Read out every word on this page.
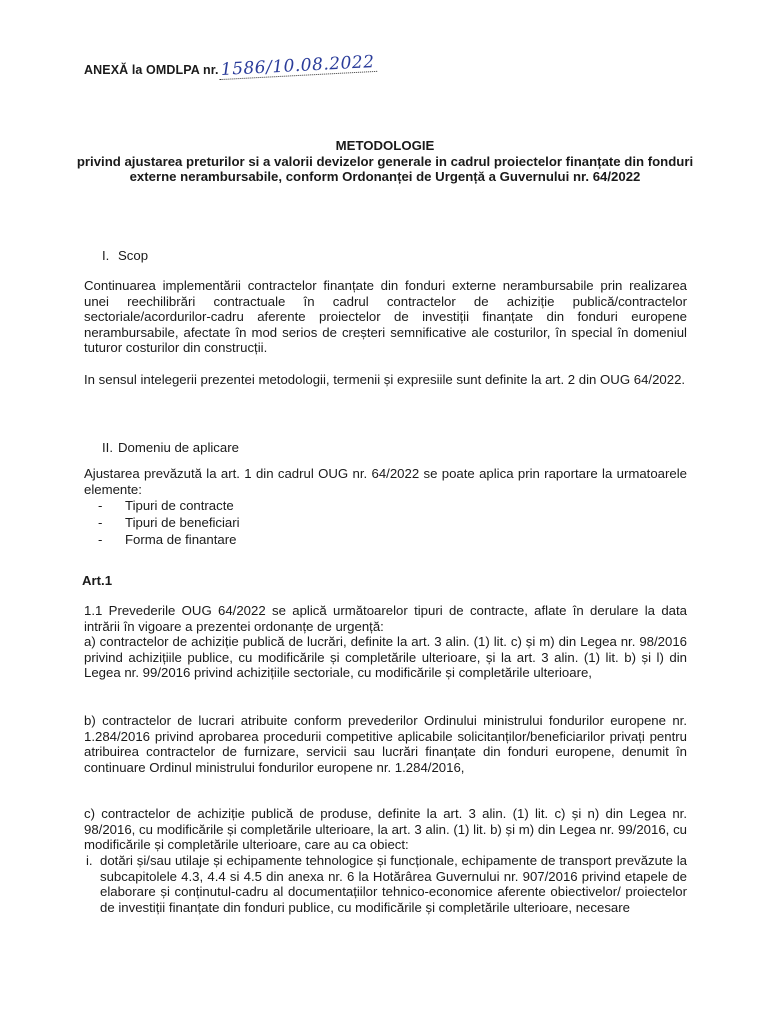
ANEXĂ la OMDLPA nr.1586/10.08.2022
METODOLOGIE
privind ajustarea preturilor si a valorii devizelor generale in cadrul proiectelor finanțate din fonduri externe nerambursabile, conform Ordonanței de Urgență a Guvernului nr. 64/2022
I. Scop
Continuarea implementării contractelor finanțate din fonduri externe nerambursabile prin realizarea unei reechilibrări contractuale în cadrul contractelor de achiziție publică/contractelor sectoriale/acordurilor-cadru aferente proiectelor de investiții finanțate din fonduri europene nerambursabile, afectate în mod serios de creșteri semnificative ale costurilor, în special în domeniul tuturor costurilor din construcții.
In sensul intelegerii prezentei metodologii, termenii și expresiile sunt definite la art. 2 din OUG 64/2022.
II. Domeniu de aplicare
Ajustarea prevăzută la art. 1 din cadrul OUG nr. 64/2022 se poate aplica prin raportare la urmatoarele elemente:
- Tipuri de contracte
- Tipuri de beneficiari
- Forma de finantare
Art.1
1.1 Prevederile OUG 64/2022 se aplică următoarelor tipuri de contracte, aflate în derulare la data intrării în vigoare a prezentei ordonanțe de urgență:
a) contractelor de achiziție publică de lucrări, definite la art. 3 alin. (1) lit. c) și m) din Legea nr. 98/2016 privind achizițiile publice, cu modificările și completările ulterioare, și la art. 3 alin. (1) lit. b) și l) din Legea nr. 99/2016 privind achizițiile sectoriale, cu modificările și completările ulterioare,
b) contractelor de lucrari atribuite conform prevederilor Ordinului ministrului fondurilor europene nr. 1.284/2016 privind aprobarea procedurii competitive aplicabile solicitanților/beneficiarilor privați pentru atribuirea contractelor de furnizare, servicii sau lucrări finanțate din fonduri europene, denumit în continuare Ordinul ministrului fondurilor europene nr. 1.284/2016,
c) contractelor de achiziție publică de produse, definite la art. 3 alin. (1) lit. c) și n) din Legea nr. 98/2016, cu modificările și completările ulterioare, la art. 3 alin. (1) lit. b) și m) din Legea nr. 99/2016, cu modificările și completările ulterioare, care au ca obiect:
i. dotări și/sau utilaje și echipamente tehnologice și funcționale, echipamente de transport prevăzute la subcapitolele 4.3, 4.4 si 4.5 din anexa nr. 6 la Hotărârea Guvernului nr. 907/2016 privind etapele de elaborare și conținutul-cadru al documentațiilor tehnico-economice aferente obiectivelor/ proiectelor de investiții finanțate din fonduri publice, cu modificările și completările ulterioare, necesare
